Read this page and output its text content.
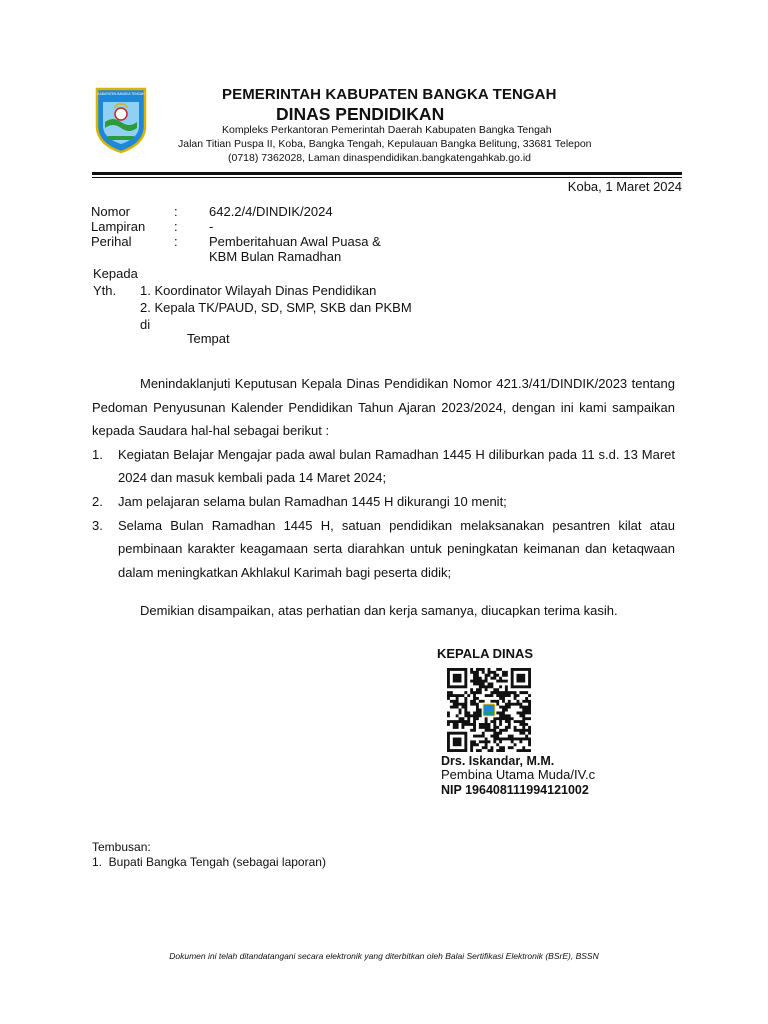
KABUPATEN BANGKA TENGAH	PEMERINTAH KABUPATEN BANGKA TENGAH
DINAS PENDIDIKAN
Kompleks Perkantoran Pemerintah Daerah Kabupaten Bangka Tengah
Jalan Titian Puspa II, Koba, Bangka Tengah, Kepulauan Bangka Belitung, 33681 Telepon
(0718) 7362028, Laman dinaspendidikan.bangkatengahkab.go.id
Koba, 1 Maret 2024
Nomor	:	642.2/4/DINDIK/2024
Lampiran	:	-
Perihal	:	Pemberitahuan Awal Puasa &
KBM Bulan Ramadhan
Kepada
Yth.	1. Koordinator Wilayah Dinas Pendidikan
2. Kepala TK/PAUD, SD, SMP, SKB dan PKBM
di
Tempat

Menindaklanjuti Keputusan Kepala Dinas Pendidikan Nomor 421.3/41/DINDIK/2023 tentang Pedoman Penyusunan Kalender Pendidikan Tahun Ajaran 2023/2024, dengan ini kami sampaikan kepada Saudara hal-hal sebagai berikut :

1.	Kegiatan Belajar Mengajar pada awal bulan Ramadhan 1445 H diliburkan pada 11 s.d. 13 Maret 2024 dan masuk kembali pada 14 Maret 2024;
2.	Jam pelajaran selama bulan Ramadhan 1445 H dikurangi 10 menit;
3.	Selama Bulan Ramadhan 1445 H, satuan pendidikan melaksanakan pesantren kilat atau pembinaan karakter keagamaan serta diarahkan untuk peningkatan keimanan dan ketaqwaan dalam meningkatkan Akhlakul Karimah bagi peserta didik;
Demikian disampaikan, atas perhatian dan kerja samanya, diucapkan terima kasih.
KEPALA DINAS
Drs. Iskandar, M.M.
Pembina Utama Muda/IV.c
NIP 196408111994121002
Tembusan:
1.  Bupati Bangka Tengah (sebagai laporan)
Dokumen ini telah ditandatangani secara elektronik yang diterbitkan oleh Balai Sertifikasi Elektronik (BSrE), BSSN
